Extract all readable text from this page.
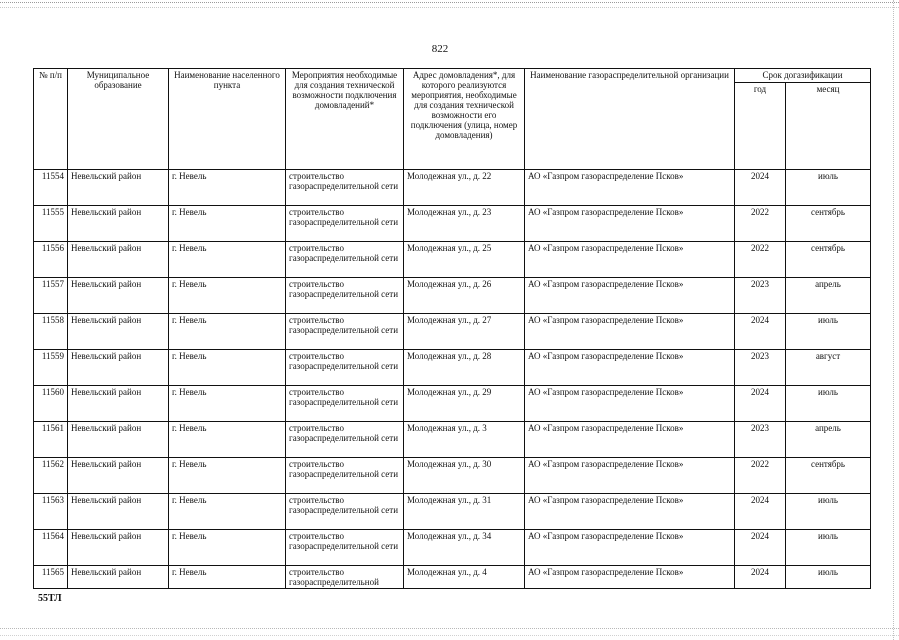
822
№ п/п	Муниципальное образование	Наименование населенного пункта	Мероприятия необходимые для создания технической возможности подключения домовладений*	Адрес домовладения*, для которого реализуются мероприятия, необходимые для создания технической возможности его подключения (улица, номер домовладения)	Наименование газораспределительной организации	Срок догазификации	
						год	месяц
11554	Невельский район	г. Невель	строительство газораспределительной сети	Молодежная ул., д. 22	АО «Газпром газораспределение Псков»	2024	июль
11555	Невельский район	г. Невель	строительство газораспределительной сети	Молодежная ул., д. 23	АО «Газпром газораспределение Псков»	2022	сентябрь
11556	Невельский район	г. Невель	строительство газораспределительной сети	Молодежная ул., д. 25	АО «Газпром газораспределение Псков»	2022	сентябрь
11557	Невельский район	г. Невель	строительство газораспределительной сети	Молодежная ул., д. 26	АО «Газпром газораспределение Псков»	2023	апрель
11558	Невельский район	г. Невель	строительство газораспределительной сети	Молодежная ул., д. 27	АО «Газпром газораспределение Псков»	2024	июль
11559	Невельский район	г. Невель	строительство газораспределительной сети	Молодежная ул., д. 28	АО «Газпром газораспределение Псков»	2023	август
11560	Невельский район	г. Невель	строительство газораспределительной сети	Молодежная ул., д. 29	АО «Газпром газораспределение Псков»	2024	июль
11561	Невельский район	г. Невель	строительство газораспределительной сети	Молодежная ул., д. 3	АО «Газпром газораспределение Псков»	2023	апрель
11562	Невельский район	г. Невель	строительство газораспределительной сети	Молодежная ул., д. 30	АО «Газпром газораспределение Псков»	2022	сентябрь
11563	Невельский район	г. Невель	строительство газораспределительной сети	Молодежная ул., д. 31	АО «Газпром газораспределение Псков»	2024	июль
11564	Невельский район	г. Невель	строительство газораспределительной сети	Молодежная ул., д. 34	АО «Газпром газораспределение Псков»	2024	июль
11565	Невельский район	г. Невель	строительство газораспределительной	Молодежная ул., д. 4	АО «Газпром газораспределение Псков»	2024	июль
55ТЛ
